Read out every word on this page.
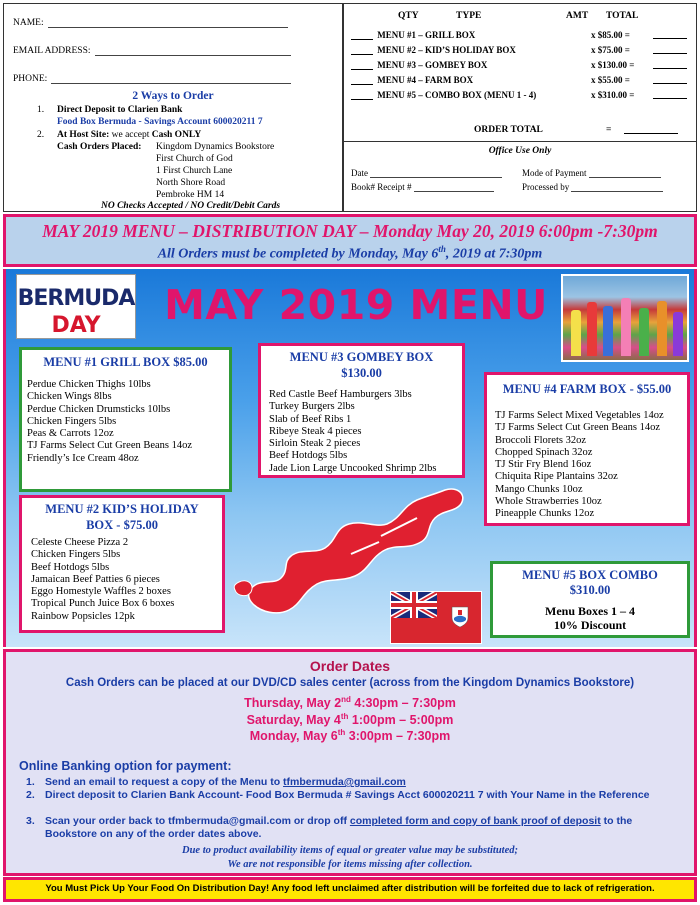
NAME:
EMAIL ADDRESS:
PHONE:
2 Ways to Order
1. Direct Deposit to Clarien Bank
Food Box Bermuda - Savings Account 600020211 7
2. At Host Site: we accept Cash ONLY
Cash Orders Placed: Kingdom Dynamics Bookstore
First Church of God
1 First Church Lane
North Shore Road
Pembroke HM 14
NO Checks Accepted / NO Credit/Debit Cards
QTY	TYPE	AMT TOTAL
MENU #1 – GRILL BOX	x $85.00 =
MENU #2 – KID’S HOLIDAY BOX	x $75.00 =
MENU #3 – GOMBEY BOX	x $130.00 =
MENU #4 – FARM BOX	x $55.00 =
MENU #5 – COMBO BOX (MENU 1 - 4)	x $310.00 =
ORDER TOTAL	=
Office Use Only
Date	Mode of Payment
Book# Receipt #	Processed by
MAY 2019 MENU – DISTRIBUTION DAY – Monday May 20, 2019 6:00pm -7:30pm
All Orders must be completed by Monday, May 6th, 2019 at 7:30pm
BERMUDA
DAY	MAY 2019 MENU
MENU #1 GRILL BOX $85.00
Perdue Chicken Thighs 10lbs
Chicken Wings 8lbs
Perdue Chicken Drumsticks 10lbs
Chicken Fingers 5lbs
Peas & Carrots 12oz
TJ Farms Select Cut Green Beans 14oz
Friendly’s Ice Cream 48oz
MENU #2 KID’S HOLIDAY
BOX - $75.00
Celeste Cheese Pizza 2
Chicken Fingers 5lbs
Beef Hotdogs 5lbs
Jamaican Beef Patties 6 pieces
Eggo Homestyle Waffles 2 boxes
Tropical Punch Juice Box 6 boxes
Rainbow Popsicles 12pk
MENU #3 GOMBEY BOX
$130.00
Red Castle Beef Hamburgers 3lbs
Turkey Burgers 2lbs
Slab of Beef Ribs 1
Ribeye Steak 4 pieces
Sirloin Steak 2 pieces
Beef Hotdogs 5lbs
Jade Lion Large Uncooked Shrimp 2lbs
MENU #4 FARM BOX - $55.00
TJ Farms Select Mixed Vegetables 14oz
TJ Farms Select Cut Green Beans 14oz
Broccoli Florets 32oz
Chopped Spinach 32oz
TJ Stir Fry Blend 16oz
Chiquita Ripe Plantains 32oz
Mango Chunks 10oz
Whole Strawberries 10oz
Pineapple Chunks 12oz
MENU #5 BOX COMBO
$310.00
Menu Boxes 1 – 4
10% Discount
Order Dates
Cash Orders can be placed at our DVD/CD sales center (across from the Kingdom Dynamics Bookstore)
Thursday, May 2nd 4:30pm – 7:30pm
Saturday, May 4th 1:00pm – 5:00pm
Monday, May 6th 3:00pm – 7:30pm
Online Banking option for payment:
1. Send an email to request a copy of the Menu to tfmbermuda@gmail.com
2. Direct deposit to Clarien Bank Account- Food Box Bermuda # Savings Acct 600020211 7 with Your Name in the Reference
3. Scan your order back to tfmbermuda@gmail.com or drop off completed form and copy of bank proof of deposit to the Bookstore on any of the order dates above.
Due to product availability items of equal or greater value may be substituted;
We are not responsible for items missing after collection.
You Must Pick Up Your Food On Distribution Day! Any food left unclaimed after distribution will be forfeited due to lack of refrigeration.
